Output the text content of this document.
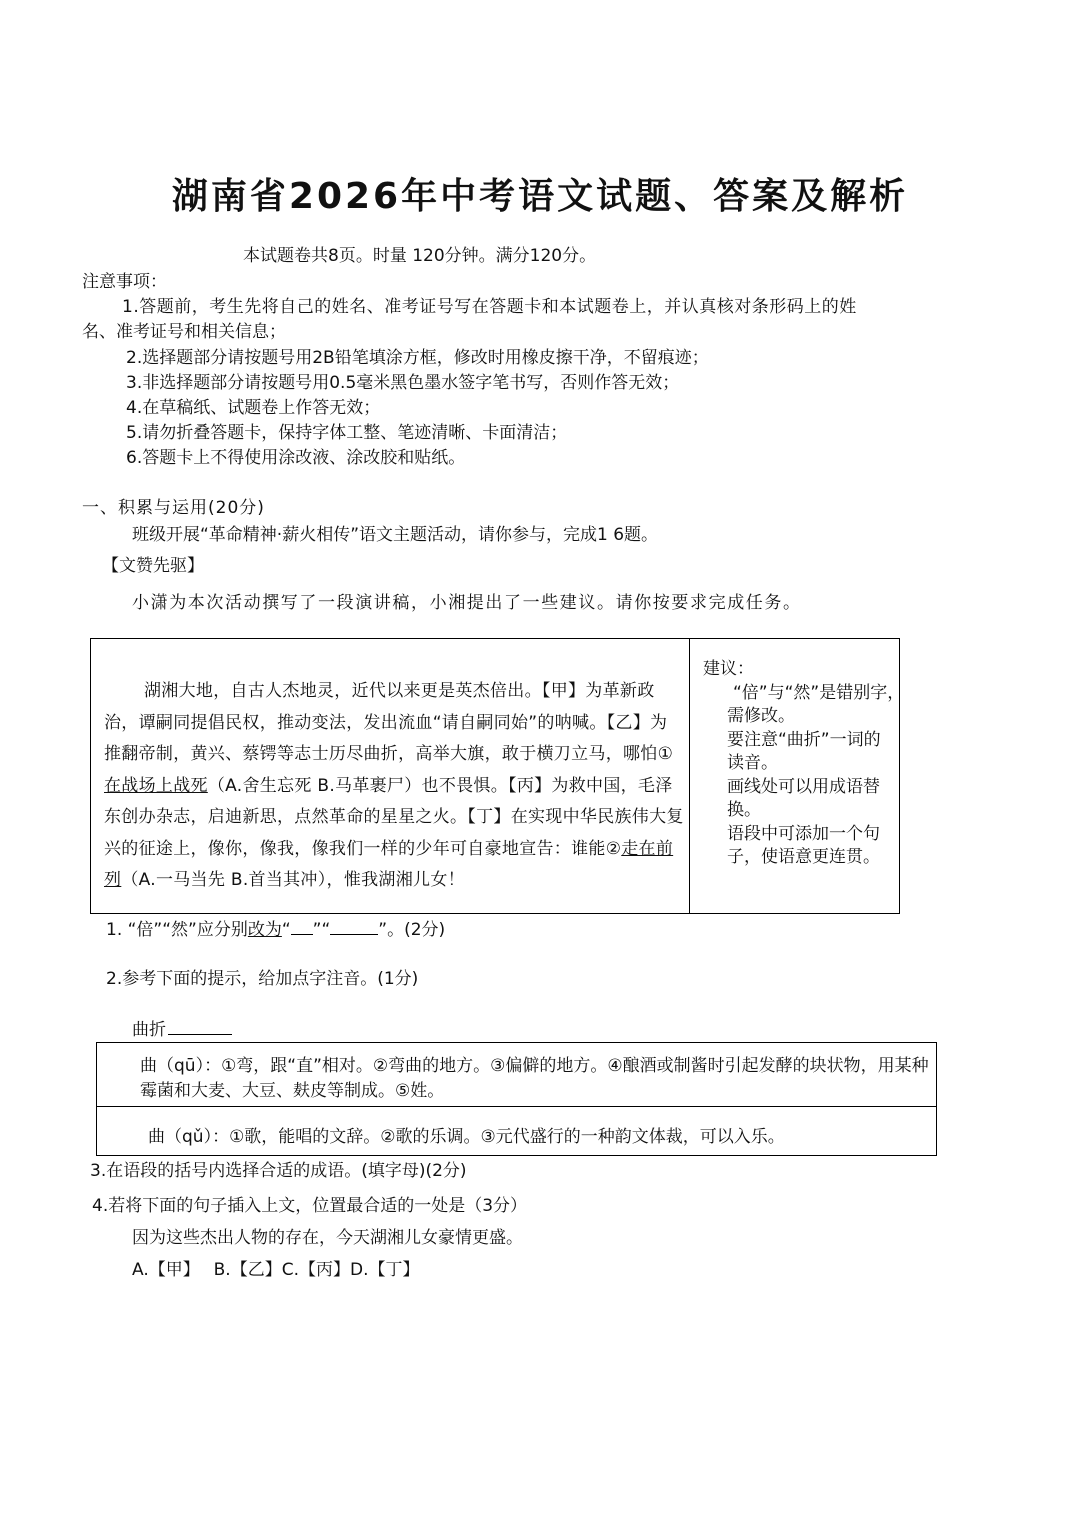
湖南省2026年中考语文试题、答案及解析
本试题卷共8页。时量 120分钟。满分120分。
注意事项：
1.答题前，考生先将自己的姓名、准考证号写在答题卡和本试题卷上，并认真核对条形码上的姓
名、准考证号和相关信息；
2.选择题部分请按题号用2B铅笔填涂方框，修改时用橡皮擦干净，不留痕迹；
3.非选择题部分请按题号用0.5毫米黑色墨水签字笔书写，否则作答无效；
4.在草稿纸、试题卷上作答无效；
5.请勿折叠答题卡，保持字体工整、笔迹清晰、卡面清洁；
6.答题卡上不得使用涂改液、涂改胶和贴纸。
一、积累与运用(20分)
班级开展“革命精神·薪火相传”语文主题活动，请你参与，完成1 6题。
【文赞先驱】
小潇为本次活动撰写了一段演讲稿，小湘提出了一些建议。请你按要求完成任务。
湖湘大地，自古人杰地灵，近代以来更是英杰倍出。【甲】为革新政治，谭嗣同提倡民权，推动变法，发出流血“请自嗣同始”的呐喊。【乙】为推翻帝制，黄兴、蔡锷等志士历尽曲折，高举大旗，敢于横刀立马，哪怕①在战场上战死（A.舍生忘死 B.马革裹尸）也不畏惧。【丙】为救中国，毛泽东创办杂志，启迪新思，点然革命的星星之火。【丁】在实现中华民族伟大复兴的征途上，像你，像我，像我们一样的少年可自豪地宣告：谁能②走在前列（A.一马当先 B.首当其冲），惟我湖湘儿女！
建议：
“倍”与“然”是错别字，
需修改。
要注意“曲折”一词的
读音。
画线处可以用成语替
换。
语段中可添加一个句
子，使语意更连贯。
1. “倍”“然”应分别改为“ ”“	”。(2分)
2.参考下面的提示，给加点字注音。(1分)
曲折
曲（qū）：①弯，跟“直”相对。②弯曲的地方。③偏僻的地方。④酿酒或制酱时引起发酵的块状物，用某种霉菌和大麦、大豆、麸皮等制成。⑤姓。
曲（qǔ）：①歌，能唱的文辞。②歌的乐调。③元代盛行的一种韵文体裁，可以入乐。
3.在语段的括号内选择合适的成语。(填字母)(2分)
4.若将下面的句子插入上文，位置最合适的一处是（3分）
因为这些杰出人物的存在，今天湖湘儿女豪情更盛。
A.【甲】　 B.【乙】C.【丙】D.【丁】
